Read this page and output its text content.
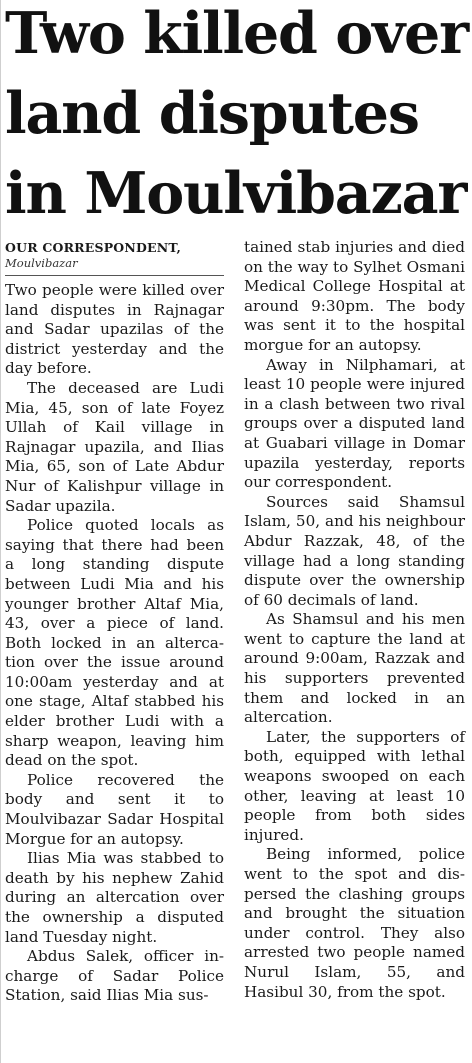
Two killed over
land disputes
in Moulvibazar
OUR CORRESPONDENT,
Moulvibazar

Two people were killed over land disputes in Rajnagar and Sadar upazilas of the district yesterday and the day before.

The deceased are Ludi Mia, 45, son of late Foyez Ullah of Kail village in Rajnagar upazila, and Ilias Mia, 65, son of Late Abdur Nur of Kalishpur village in Sadar upazila.

Police quoted locals as saying that there had been a long standing dispute between Ludi Mia and his younger brother Altaf Mia, 43, over a piece of land. Both locked in an altercation over the issue around 10:00am yesterday and at one stage, Altaf stabbed his elder brother Ludi with a sharp weapon, leaving him dead on the spot.

Police recovered the body and sent it to Moulvibazar Sadar Hospital Morgue for an autopsy.

Ilias Mia was stabbed to death by his nephew Zahid during an altercation over the ownership a disputed land Tuesday night.

Abdus Salek, officer in-charge of Sadar Police Station, said Ilias Mia sus-

tained stab injuries and died on the way to Sylhet Osmani Medical College Hospital at around 9:30pm. The body was sent it to the hospital morgue for an autopsy.

Away in Nilphamari, at least 10 people were injured in a clash between two rival groups over a disputed land at Guabari village in Domar upazila yesterday, reports our correspondent.

Sources said Shamsul Islam, 50, and his neighbour Abdur Razzak, 48, of the village had a long standing dispute over the ownership of 60 decimals of land.

As Shamsul and his men went to capture the land at around 9:00am, Razzak and his supporters prevented them and locked in an altercation.

Later, the supporters of both, equipped with lethal weapons swooped on each other, leaving at least 10 people from both sides injured.

Being informed, police went to the spot and dispersed the clashing groups and brought the situation under control. They also arrested two people named Nurul Islam, 55, and Hasibul 30, from the spot.
